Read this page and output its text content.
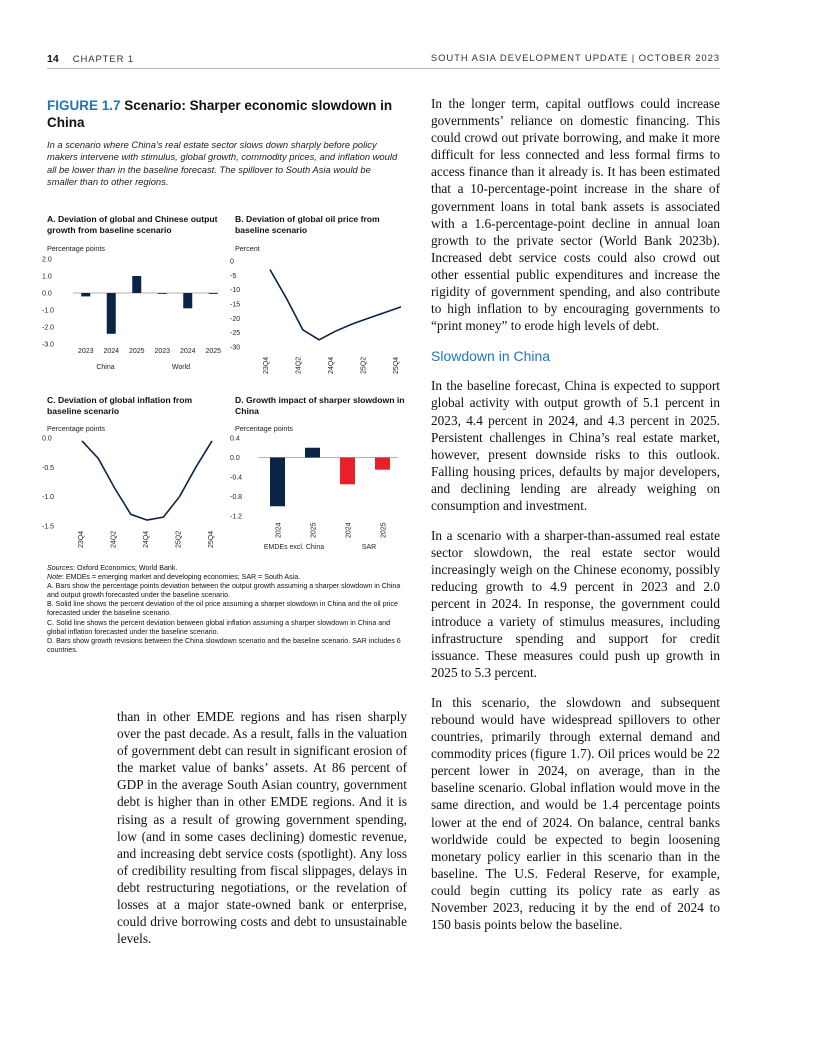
14 CHAPTER 1	SOUTH ASIA DEVELOPMENT UPDATE | OCTOBER 2023
FIGURE 1.7 Scenario: Sharper economic slowdown in China
In a scenario where China’s real estate sector slows down sharply before policy makers intervene with stimulus, global growth, commodity prices, and inflation would all be lower than in the baseline forecast. The spillover to South Asia would be smaller than to other regions.
A. Deviation of global and Chinese output growth from baseline scenario
Percentage points
2.0
1.0
0.0
-1.0
-2.0
-3.0
2023 2024 2025 2023 2024 2025
China	World
B. Deviation of global oil price from baseline scenario
Percent
0
-5
-10
-15
-20
-25
-30
23Q4	24Q2	24Q4	25Q2	25Q4
C. Deviation of global inflation from baseline scenario
Percentage points
0.0
-0.5
-1.0
-1.5
23Q4	24Q2	24Q4	25Q2	25Q4
D. Growth impact of sharper slowdown in China
Percentage points
0.4
0.0
-0.4
-0.8
-1.2
2024	2025	2024	2025
EMDEs excl. China	SAR

Sources: Oxford Economics; World Bank.

Note: EMDEs = emerging market and developing economies; SAR = South Asia.

A. Bars show the percentage points deviation between the output growth assuming a sharper slowdown in China and output growth forecasted under the baseline scenario.

B. Solid line shows the percent deviation of the oil price assuming a sharper slowdown in China and the oil price forecasted under the baseline scenario.

C. Solid line shows the percent deviation between global inflation assuming a sharper slowdown in China and global inflation forecasted under the baseline scenario.

D. Bars show growth revisions between the China slowdown scenario and the baseline scenario. SAR includes 6 countries.

In the longer term, capital outflows could increase governments’ reliance on domestic financing. This could crowd out private borrowing, and make it more difficult for less connected and less formal firms to access finance than it already is. It has been estimated that a 10-percentage-point increase in the share of government loans in total bank assets is associated with a 1.6-percentage-point decline in annual loan growth to the private sector (World Bank 2023b). Increased debt service costs could also crowd out other essential public expenditures and increase the rigidity of government spending, and also contribute to high inflation to by encouraging governments to “print money” to erode high levels of debt.

Slowdown in China

In the baseline forecast, China is expected to support global activity with output growth of 5.1 percent in 2023, 4.4 percent in 2024, and 4.3 percent in 2025. Persistent challenges in China’s real estate market, however, present downside risks to this outlook. Falling housing prices, defaults by major developers, and declining lending are already weighing on consumption and investment.

In a scenario with a sharper-than-assumed real estate sector slowdown, the real estate sector would increasingly weigh on the Chinese economy, possibly reducing growth to 4.9 percent in 2023 and 2.0 percent in 2024. In response, the government could introduce a variety of stimulus measures, including infrastructure spending and support for credit issuance. These measures could push up growth in 2025 to 5.3 percent.

In this scenario, the slowdown and subsequent rebound would have widespread spillovers to other countries, primarily through external demand and commodity prices (figure 1.7). Oil prices would be 22 percent lower in 2024, on average, than in the baseline scenario. Global inflation would move in the same direction, and would be 1.4 percentage points lower at the end of 2024. On balance, central banks worldwide could be expected to begin loosening monetary policy earlier in this scenario than in the baseline. The U.S. Federal Reserve, for example, could begin cutting its policy rate as early as November 2023, reducing it by the end of 2024 to 150 basis points below the baseline.

than in other EMDE regions and has risen sharply over the past decade. As a result, falls in the valuation of government debt can result in significant erosion of the market value of banks’ assets. At 86 percent of GDP in the average South Asian country, government debt is higher than in other EMDE regions. And it is rising as a result of growing government spending, low (and in some cases declining) domestic revenue, and increasing debt service costs (spotlight). Any loss of credibility resulting from fiscal slippages, delays in debt restructuring negotiations, or the revelation of losses at a major state-owned bank or enterprise, could drive borrowing costs and debt to unsustainable levels.
